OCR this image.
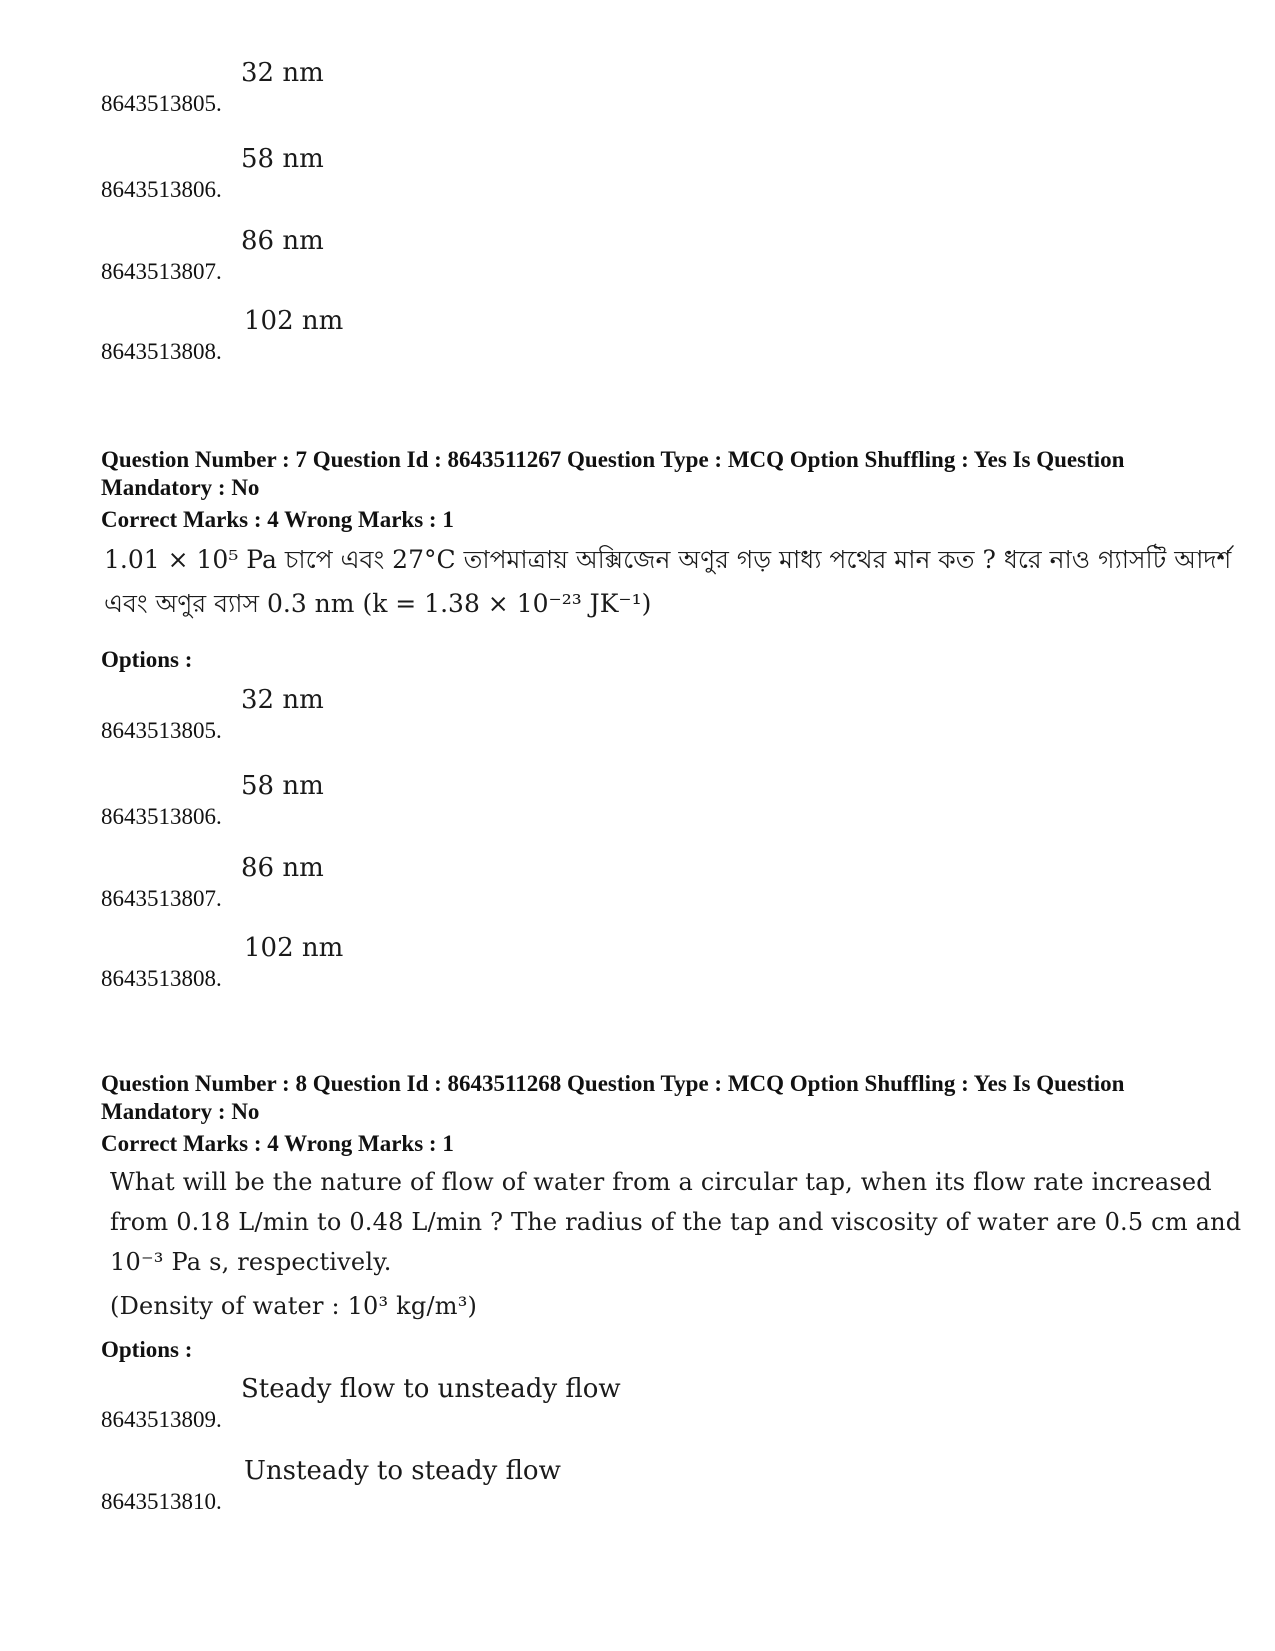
8643513805.
32 nm
8643513806.
58 nm
8643513807.
86 nm
8643513808.
102 nm
Question Number : 7 Question Id : 8643511267 Question Type : MCQ Option Shuffling : Yes Is Question Mandatory : No
Correct Marks : 4 Wrong Marks : 1
1.01 × 10⁵ Pa চাপে এবং 27°C তাপমাত্রায় অক্সিজেন অণুর গড় মাধ্য পথের মান কত ? ধরে নাও গ্যাসটি আদর্শ
এবং অণুর ব্যাস 0.3 nm (k = 1.38 × 10⁻²³ JK⁻¹)
Options :
8643513805.
32 nm
8643513806.
58 nm
8643513807.
86 nm
8643513808.
102 nm
Question Number : 8 Question Id : 8643511268 Question Type : MCQ Option Shuffling : Yes Is Question Mandatory : No
Correct Marks : 4 Wrong Marks : 1
What will be the nature of flow of water from a circular tap, when its flow rate increased
from 0.18 L/min to 0.48 L/min ? The radius of the tap and viscosity of water are 0.5 cm and
10⁻³ Pa s, respectively.
(Density of water : 10³ kg/m³)
Options :
8643513809.
Steady flow to unsteady flow
8643513810.
Unsteady to steady flow
